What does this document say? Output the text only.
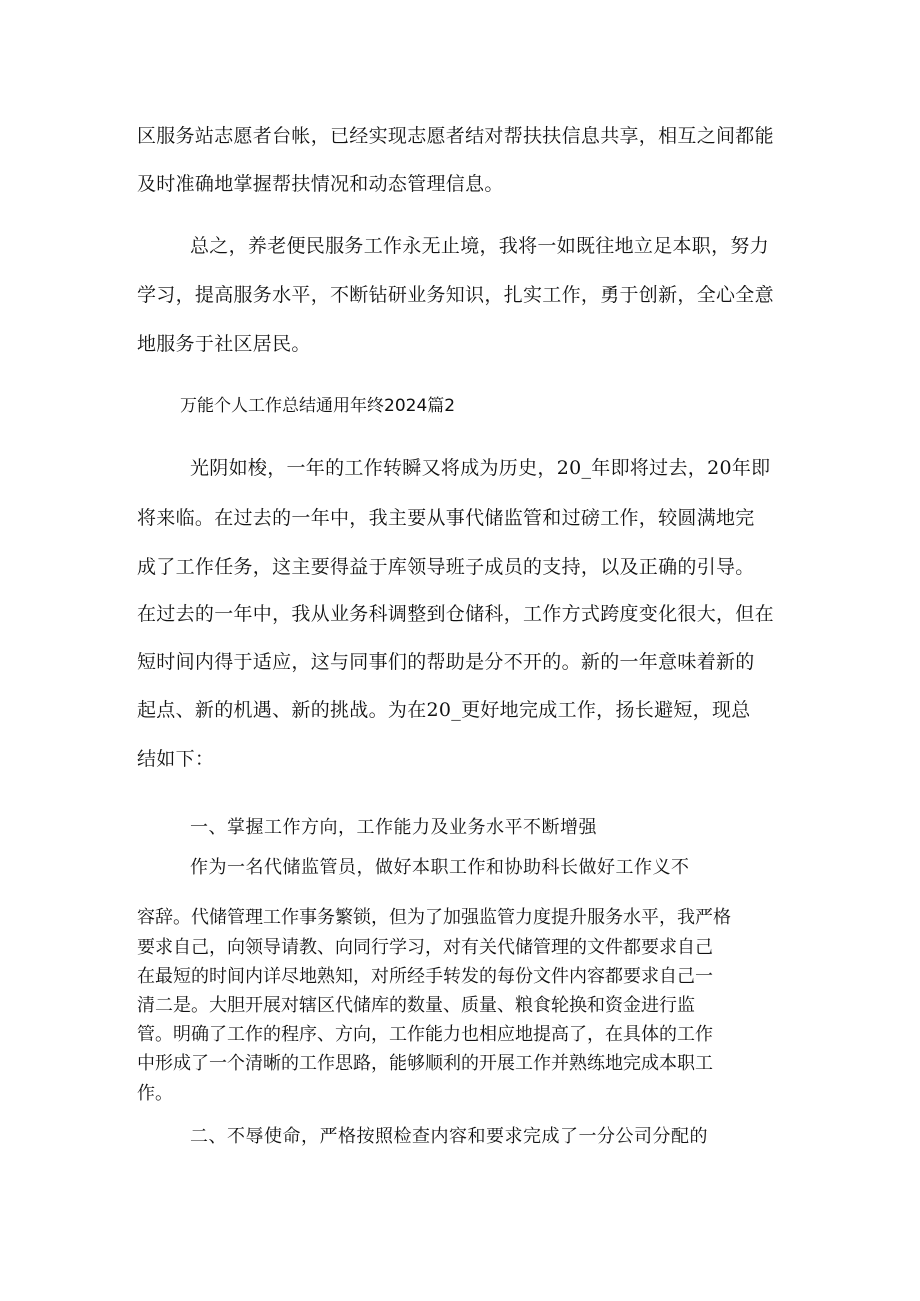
区服务站志愿者台帐，已经实现志愿者结对帮扶扶信息共享，相互之间都能
及时准确地掌握帮扶情况和动态管理信息。
总之，养老便民服务工作永无止境，我将一如既往地立足本职，努力
学习，提高服务水平，不断钻研业务知识，扎实工作，勇于创新，全心全意
地服务于社区居民。
万能个人工作总结通用年终2024篇2
光阴如梭，一年的工作转瞬又将成为历史，20_年即将过去，20年即
将来临。在过去的一年中，我主要从事代储监管和过磅工作，较圆满地完
成了工作任务，这主要得益于库领导班子成员的支持，以及正确的引导。
在过去的一年中，我从业务科调整到仓储科，工作方式跨度变化很大，但在
短时间内得于适应，这与同事们的帮助是分不开的。新的一年意味着新的
起点、新的机遇、新的挑战。为在20_更好地完成工作，扬长避短，现总
结如下：
一、掌握工作方向，工作能力及业务水平不断增强
作为一名代储监管员，做好本职工作和协助科长做好工作义不
容辞。代储管理工作事务繁锁，但为了加强监管力度提升服务水平，我严格
要求自己，向领导请教、向同行学习，对有关代储管理的文件都要求自己
在最短的时间内详尽地熟知，对所经手转发的每份文件内容都要求自己一
清二是。大胆开展对辖区代储库的数量、质量、粮食轮换和资金进行监
管。明确了工作的程序、方向，工作能力也相应地提高了，在具体的工作
中形成了一个清晰的工作思路，能够顺利的开展工作并熟练地完成本职工
作。
二、不辱使命，严格按照检查内容和要求完成了一分公司分配的
